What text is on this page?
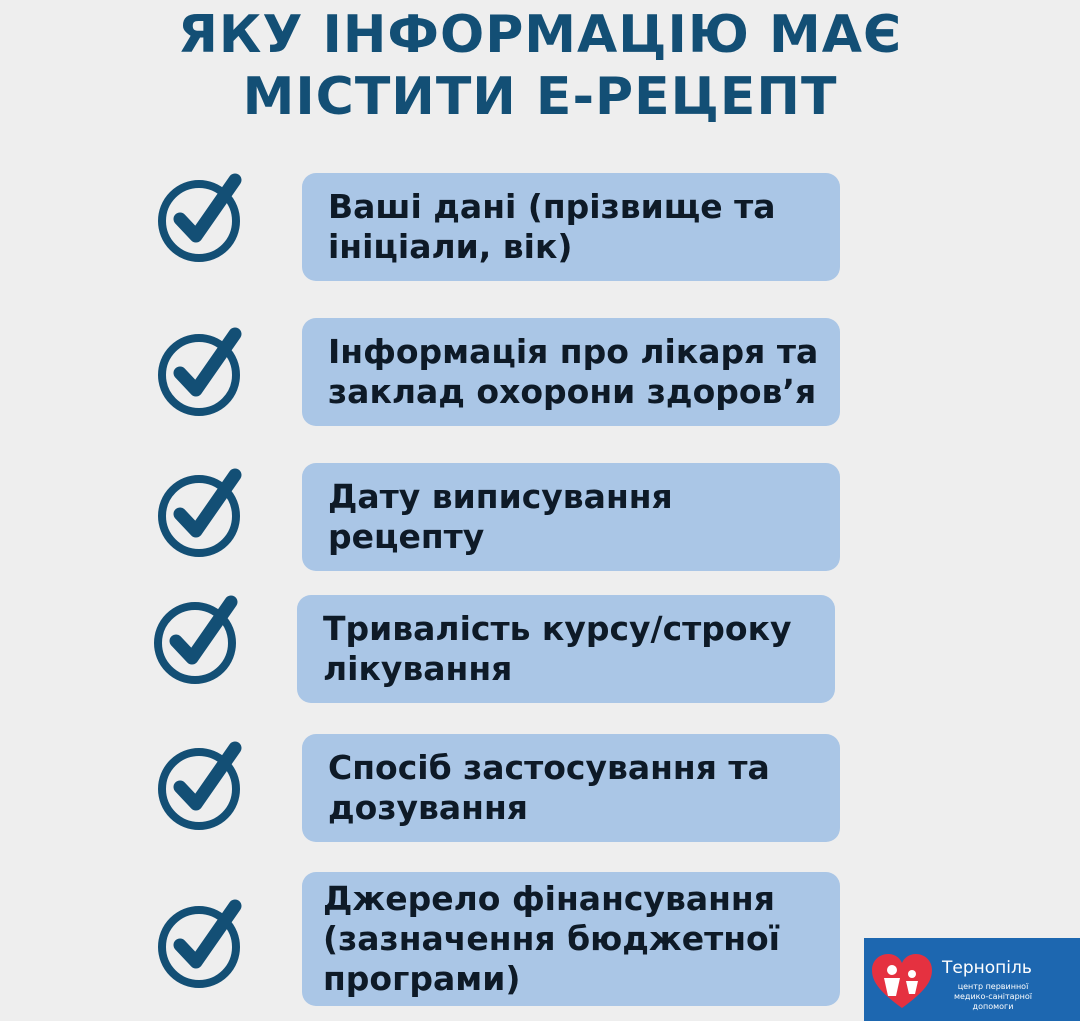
ЯКУ ІНФОРМАЦІЮ МАЄ
МІСТИТИ Е-РЕЦЕПТ
Ваші дані (прізвище та
ініціали, вік)
Інформація про лікаря та
заклад охорони здоров’я
Дату виписування
рецепту
Тривалість курсу/строку
лікування
Спосіб застосування та
дозування
Джерело фінансування
(зазначення бюджетної
програми)	Тернопіль
центр первинної
медико-санітарної
допомоги
